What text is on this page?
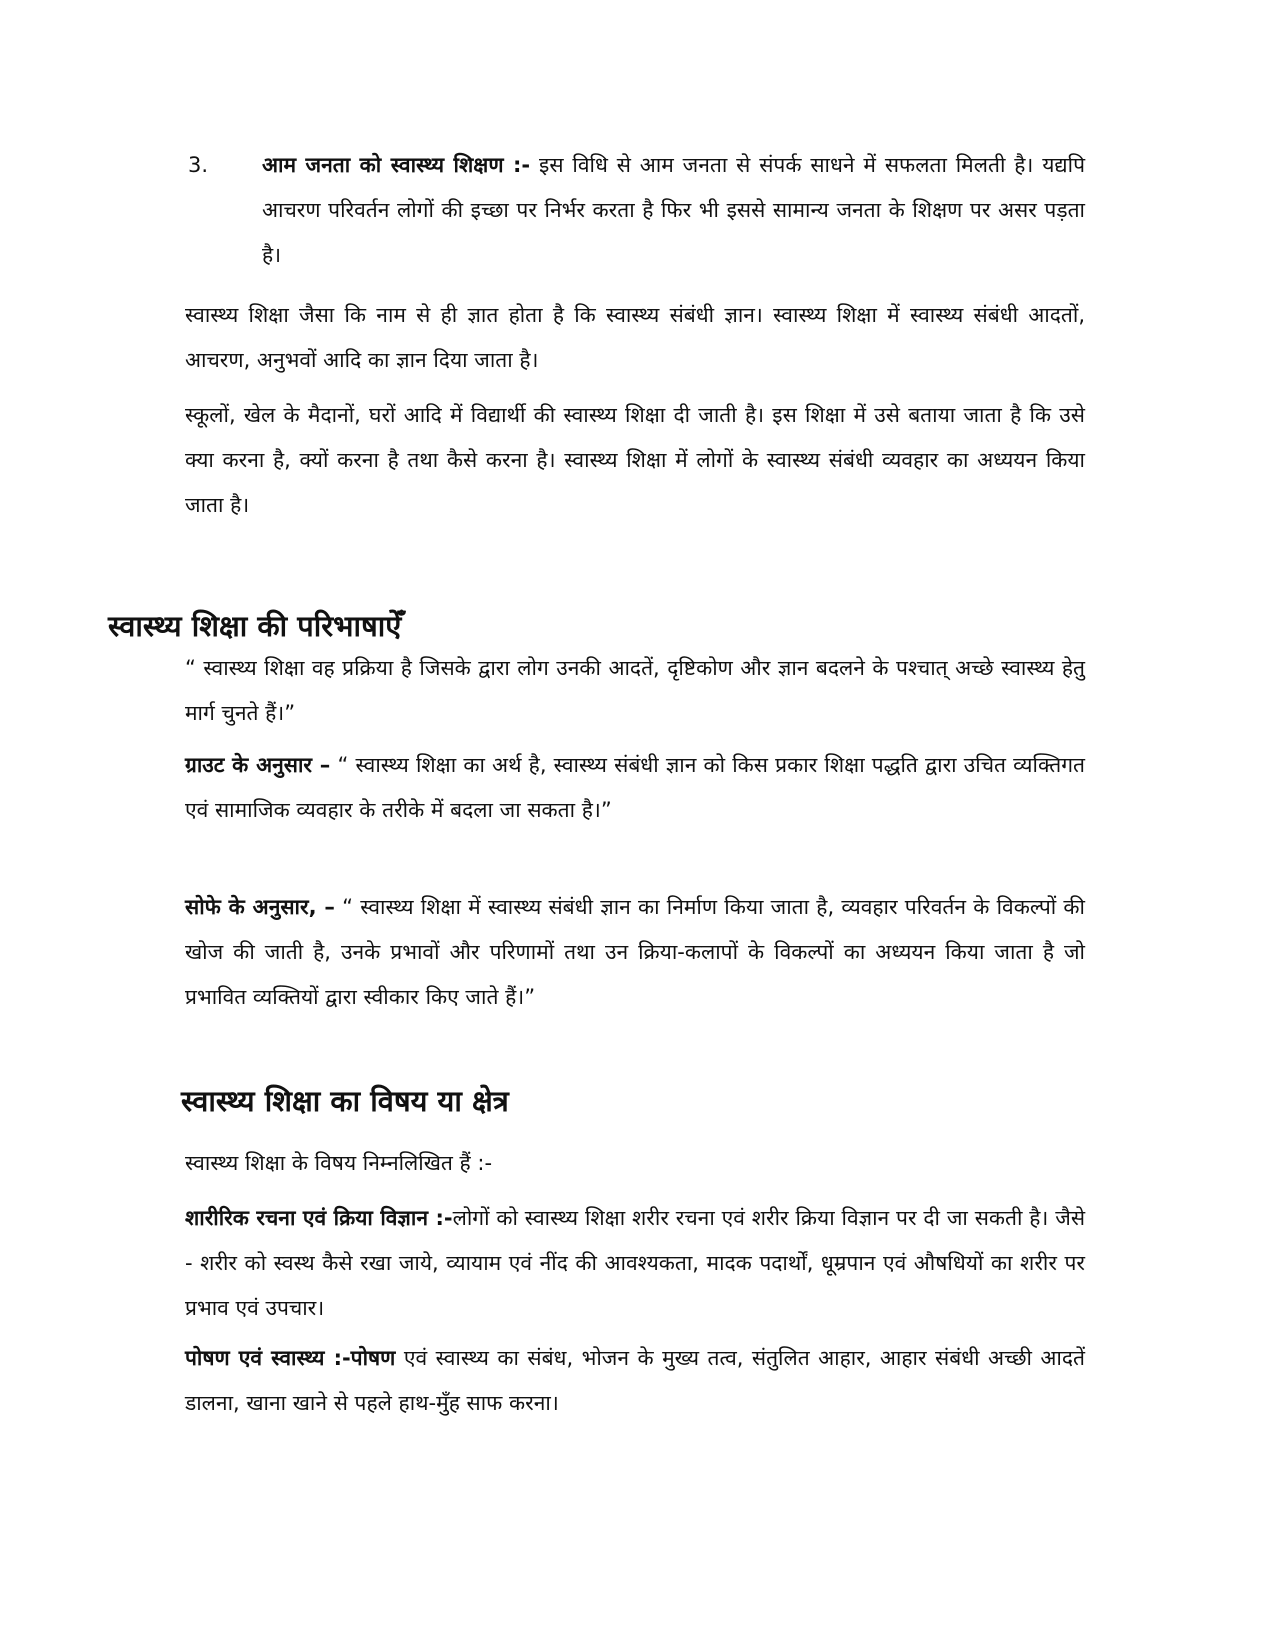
3.	आम जनता को स्वास्थ्य शिक्षण :- इस विधि से आम जनता से संपर्क साधने में सफलता मिलती है। यद्यपि आचरण परिवर्तन लोगों की इच्छा पर निर्भर करता है फिर भी इससे सामान्य जनता के शिक्षण पर असर पड़ता है।

स्वास्थ्य शिक्षा जैसा कि नाम से ही ज्ञात होता है कि स्वास्थ्य संबंधी ज्ञान। स्वास्थ्य शिक्षा में स्वास्थ्य संबंधी आदतों, आचरण, अनुभवों आदि का ज्ञान दिया जाता है।

स्कूलों, खेल के मैदानों, घरों आदि में विद्यार्थी की स्वास्थ्य शिक्षा दी जाती है। इस शिक्षा में उसे बताया जाता है कि उसे क्या करना है, क्यों करना है तथा कैसे करना है। स्वास्थ्य शिक्षा में लोगों के स्वास्थ्य संबंधी व्यवहार का अध्ययन किया जाता है।

स्वास्थ्य शिक्षा की परिभाषाऐँ

“ स्वास्थ्य शिक्षा वह प्रक्रिया है जिसके द्वारा लोग उनकी आदतें, दृष्टिकोण और ज्ञान बदलने के पश्चात् अच्छे स्वास्थ्य हेतु मार्ग चुनते हैं।”

ग्राउट के अनुसार – “ स्वास्थ्य शिक्षा का अर्थ है, स्वास्थ्य संबंधी ज्ञान को किस प्रकार शिक्षा पद्धति द्वारा उचित व्यक्तिगत एवं सामाजिक व्यवहार के तरीके में बदला जा सकता है।”

सोफे के अनुसार, – “ स्वास्थ्य शिक्षा में स्वास्थ्य संबंधी ज्ञान का निर्माण किया जाता है, व्यवहार परिवर्तन के विकल्पों की खोज की जाती है, उनके प्रभावों और परिणामों तथा उन क्रिया-कलापों के विकल्पों का अध्ययन किया जाता है जो प्रभावित व्यक्तियों द्वारा स्वीकार किए जाते हैं।”

स्वास्थ्य शिक्षा का विषय या क्षेत्र

स्वास्थ्य शिक्षा के विषय निम्नलिखित हैं :-

शारीरिक रचना एवं क्रिया विज्ञान :-लोगों को स्वास्थ्य शिक्षा शरीर रचना एवं शरीर क्रिया विज्ञान पर दी जा सकती है। जैसे - शरीर को स्वस्थ कैसे रखा जाये, व्यायाम एवं नींद की आवश्यकता, मादक पदार्थों, धूम्रपान एवं औषधियों का शरीर पर प्रभाव एवं उपचार।

पोषण एवं स्वास्थ्य :-पोषण एवं स्वास्थ्य का संबंध, भोजन के मुख्य तत्व, संतुलित आहार, आहार संबंधी अच्छी आदतें डालना, खाना खाने से पहले हाथ-मुँह साफ करना।
